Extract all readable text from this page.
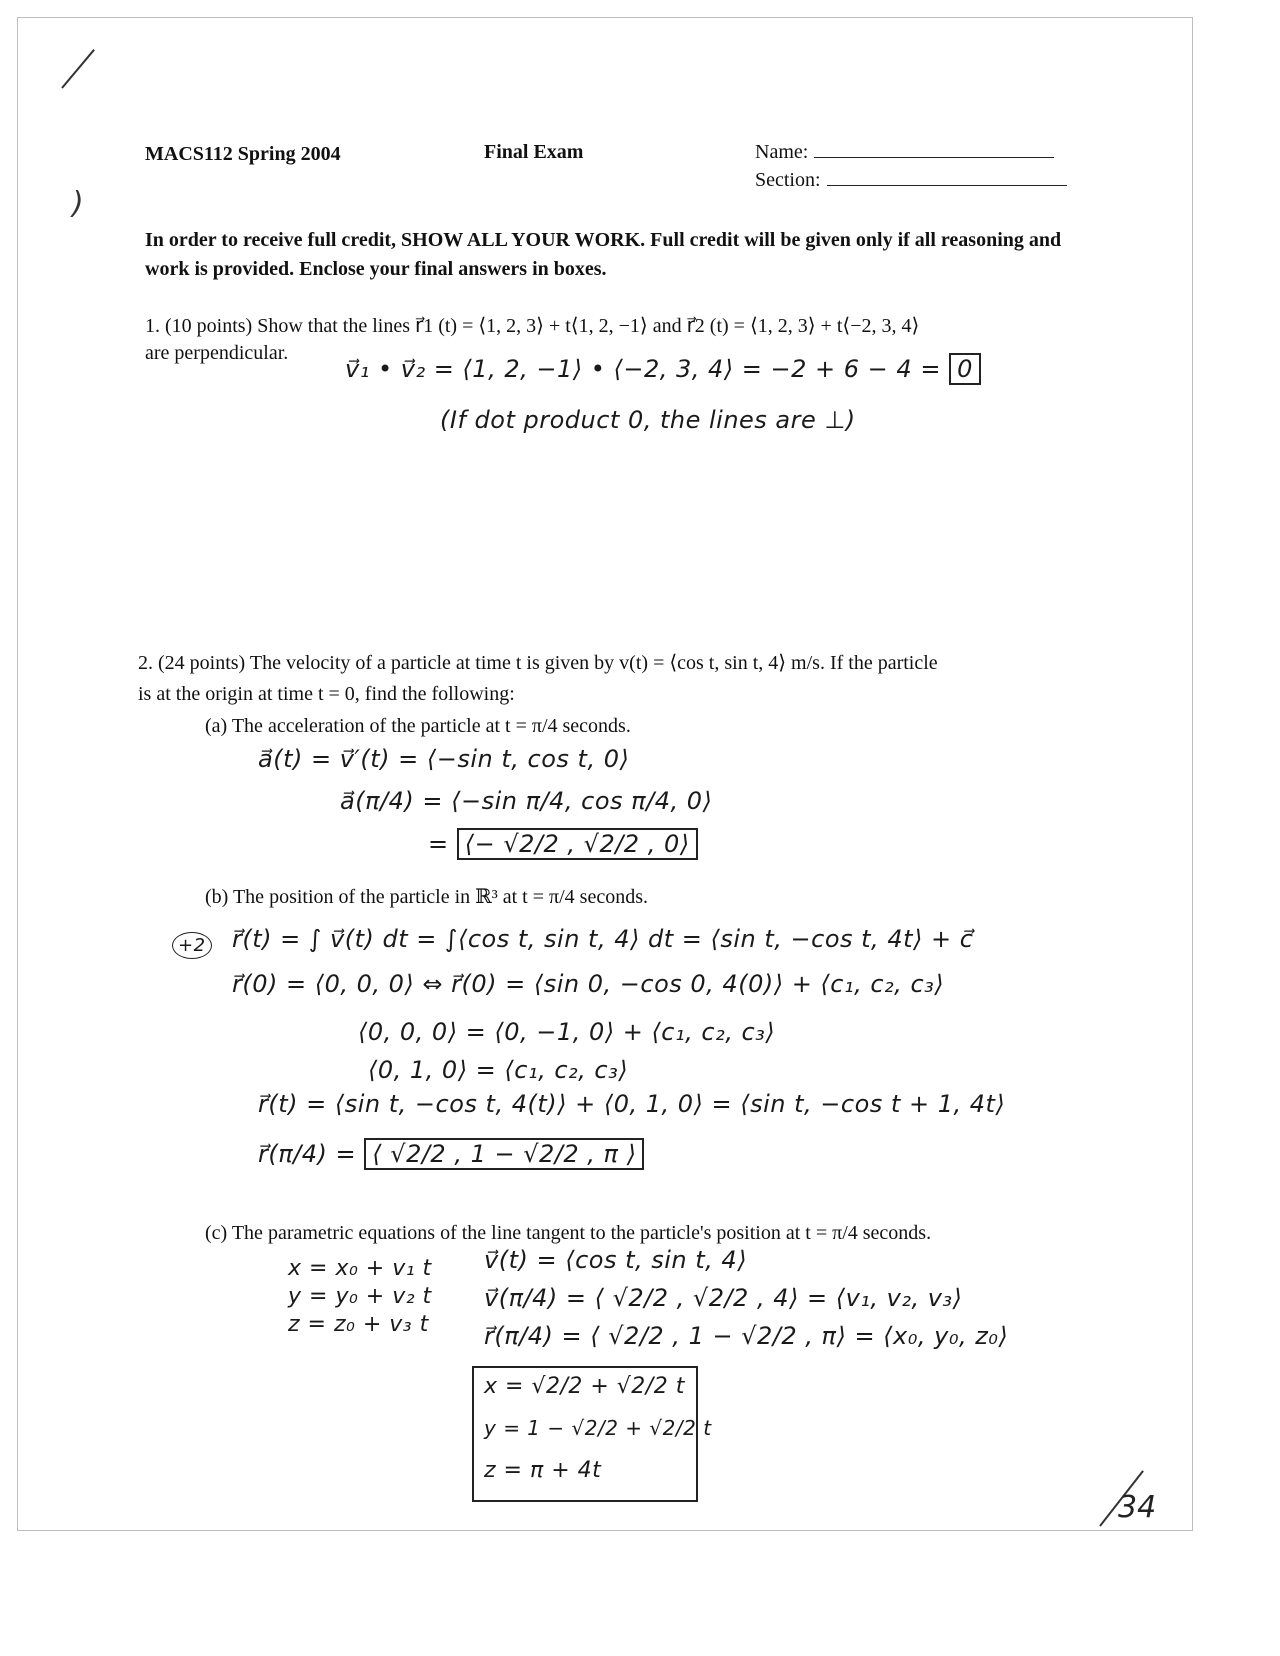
)
MACS112 Spring 2004	Final Exam	Name:
Section:
In order to receive full credit, SHOW ALL YOUR WORK. Full credit will be given only if all reasoning and work is provided. Enclose your final answers in boxes.
1. (10 points) Show that the lines r⃗1 (t) = ⟨1, 2, 3⟩ + t⟨1, 2, −1⟩ and r⃗2 (t) = ⟨1, 2, 3⟩ + t⟨−2, 3, 4⟩
are perpendicular.
v⃗₁ • v⃗₂ = ⟨1, 2, −1⟩ • ⟨−2, 3, 4⟩ = −2 + 6 − 4 = 0
(If dot product 0, the lines are ⊥)
2. (24 points) The velocity of a particle at time t is given by v(t) = ⟨cos t, sin t, 4⟩ m/s. If the particle
is at the origin at time t = 0, find the following:
(a) The acceleration of the particle at t = π/4 seconds.
a⃗(t) = v⃗′(t) = ⟨−sin t, cos t, 0⟩
a⃗(π/4) = ⟨−sin π/4, cos π/4, 0⟩
= ⟨− √2/2 , √2/2 , 0⟩
(b) The position of the particle in ℝ³ at t = π/4 seconds.
+2 r⃗(t) = ∫ v⃗(t) dt = ∫⟨cos t, sin t, 4⟩ dt = ⟨sin t, −cos t, 4t⟩ + c⃗
r⃗(0) = ⟨0, 0, 0⟩ ⇔ r⃗(0) = ⟨sin 0, −cos 0, 4(0)⟩ + ⟨c₁, c₂, c₃⟩
⟨0, 0, 0⟩ = ⟨0, −1, 0⟩ + ⟨c₁, c₂, c₃⟩
⟨0, 1, 0⟩ = ⟨c₁, c₂, c₃⟩
r⃗(t) = ⟨sin t, −cos t, 4(t)⟩ + ⟨0, 1, 0⟩ = ⟨sin t, −cos t + 1, 4t⟩
r⃗(π/4) = ⟨ √2/2 , 1 − √2/2 , π ⟩
(c) The parametric equations of the line tangent to the particle's position at t = π/4 seconds.
x = x₀ + v₁ t
y = y₀ + v₂ t
z = z₀ + v₃ t
v⃗(t) = ⟨cos t, sin t, 4⟩
v⃗(π/4) = ⟨ √2/2 , √2/2 , 4⟩ = ⟨v₁, v₂, v₃⟩
r⃗(π/4) = ⟨ √2/2 , 1 − √2/2 , π⟩ = ⟨x₀, y₀, z₀⟩
x = √2/2 + √2/2 t
y = 1 − √2/2 + √2/2 t
z = π + 4t
34
